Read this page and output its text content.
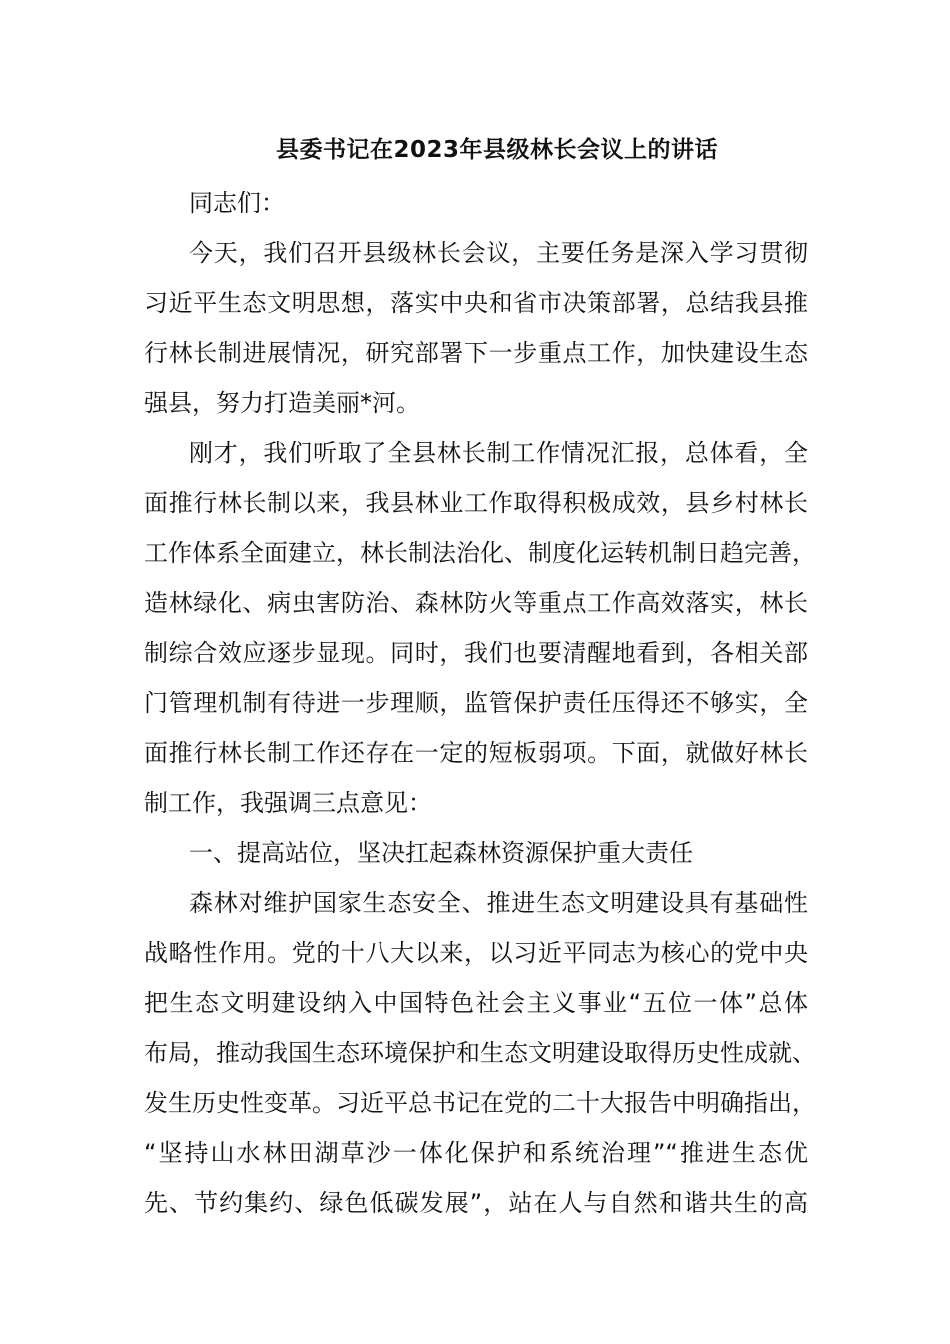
县委书记在2023年县级林长会议上的讲话
同志们：
今天，我们召开县级林长会议，主要任务是深入学习贯彻
习近平生态文明思想，落实中央和省市决策部署，总结我县推
行林长制进展情况，研究部署下一步重点工作，加快建设生态
强县，努力打造美丽*河。
刚才，我们听取了全县林长制工作情况汇报，总体看，全
面推行林长制以来，我县林业工作取得积极成效，县乡村林长
工作体系全面建立，林长制法治化、制度化运转机制日趋完善，
造林绿化、病虫害防治、森林防火等重点工作高效落实，林长
制综合效应逐步显现。同时，我们也要清醒地看到，各相关部
门管理机制有待进一步理顺，监管保护责任压得还不够实，全
面推行林长制工作还存在一定的短板弱项。下面，就做好林长
制工作，我强调三点意见：
一、提高站位，坚决扛起森林资源保护重大责任
森林对维护国家生态安全、推进生态文明建设具有基础性
战略性作用。党的十八大以来，以习近平同志为核心的党中央
把生态文明建设纳入中国特色社会主义事业“五位一体”总体
布局，推动我国生态环境保护和生态文明建设取得历史性成就、
发生历史性变革。习近平总书记在党的二十大报告中明确指出，
“坚持山水林田湖草沙一体化保护和系统治理”“推进生态优
先、节约集约、绿色低碳发展”，站在人与自然和谐共生的高
